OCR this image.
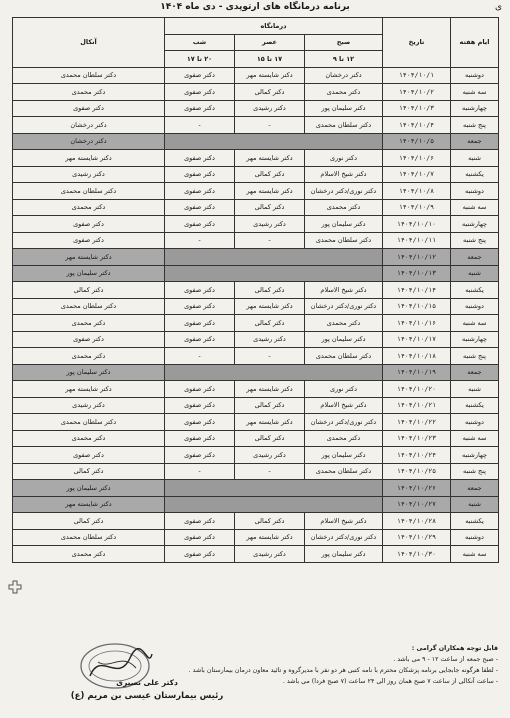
برنامه درمانگاه های ارتوپدی - دی ماه ۱۴۰۴	ی
ایام هفته	تاریخ	درمانگاه			آنکال
		صبح	عصر	شب	
		۱۲ تا ۹	۱۷ تا ۱۵	۲۰ تا ۱۷	
دوشنبه	۱۴۰۴/۱۰/۱	دکتر درخشان	دکتر شایسته مهر	دکتر صفوی	دکتر سلطان محمدی
سه شنبه	۱۴۰۴/۱۰/۲	دکتر محمدی	دکتر کمالی	دکتر صفوی	دکتر محمدی
چهارشنبه	۱۴۰۴/۱۰/۳	دکتر سلیمان پور	دکتر رشیدی	دکتر صفوی	دکتر صفوی
پنج شنبه	۱۴۰۴/۱۰/۴	دکتر سلطان محمدی	-	-	دکتر درخشان
جمعه	۱۴۰۴/۱۰/۵				دکتر درخشان
شنبه	۱۴۰۴/۱۰/۶	دکتر نوری	دکتر شایسته مهر	دکتر صفوی	دکتر شایسته مهر
یکشنبه	۱۴۰۴/۱۰/۷	دکتر شیخ الاسلام	دکتر کمالی	دکتر صفوی	دکتر رشیدی
دوشنبه	۱۴۰۴/۱۰/۸	دکتر نوری/دکتر درخشان	دکتر شایسته مهر	دکتر صفوی	دکتر سلطان محمدی
سه شنبه	۱۴۰۴/۱۰/۹	دکتر محمدی	دکتر کمالی	دکتر صفوی	دکتر محمدی
چهارشنبه	۱۴۰۴/۱۰/۱۰	دکتر سلیمان پور	دکتر رشیدی	دکتر صفوی	دکتر صفوی
پنج شنبه	۱۴۰۴/۱۰/۱۱	دکتر سلطان محمدی	-	-	دکتر صفوی
جمعه	۱۴۰۴/۱۰/۱۲				دکتر شایسته مهر
شنبه	۱۴۰۴/۱۰/۱۳				دکتر سلیمان پور
یکشنبه	۱۴۰۴/۱۰/۱۴	دکتر شیخ الاسلام	دکتر کمالی	دکتر صفوی	دکتر کمالی
دوشنبه	۱۴۰۴/۱۰/۱۵	دکتر نوری/دکتر درخشان	دکتر شایسته مهر	دکتر صفوی	دکتر سلطان محمدی
سه شنبه	۱۴۰۴/۱۰/۱۶	دکتر محمدی	دکتر کمالی	دکتر صفوی	دکتر محمدی
چهارشنبه	۱۴۰۴/۱۰/۱۷	دکتر سلیمان پور	دکتر رشیدی	دکتر صفوی	دکتر صفوی
پنج شنبه	۱۴۰۴/۱۰/۱۸	دکتر سلطان محمدی	-	-	دکتر محمدی
جمعه	۱۴۰۴/۱۰/۱۹				دکتر سلیمان پور
شنبه	۱۴۰۴/۱۰/۲۰	دکتر نوری	دکتر شایسته مهر	دکتر صفوی	دکتر شایسته مهر
یکشنبه	۱۴۰۴/۱۰/۲۱	دکتر شیخ الاسلام	دکتر کمالی	دکتر صفوی	دکتر رشیدی
دوشنبه	۱۴۰۴/۱۰/۲۲	دکتر نوری/دکتر درخشان	دکتر شایسته مهر	دکتر صفوی	دکتر سلطان محمدی
سه شنبه	۱۴۰۴/۱۰/۲۳	دکتر محمدی	دکتر کمالی	دکتر صفوی	دکتر محمدی
چهارشنبه	۱۴۰۴/۱۰/۲۴	دکتر سلیمان پور	دکتر رشیدی	دکتر صفوی	دکتر صفوی
پنج شنبه	۱۴۰۴/۱۰/۲۵	دکتر سلطان محمدی	-	-	دکتر کمالی
جمعه	۱۴۰۴/۱۰/۲۶				دکتر سلیمان پور
شنبه	۱۴۰۴/۱۰/۲۷				دکتر شایسته مهر
یکشنبه	۱۴۰۴/۱۰/۲۸	دکتر شیخ الاسلام	دکتر کمالی	دکتر صفوی	دکتر کمالی
دوشنبه	۱۴۰۴/۱۰/۲۹	دکتر نوری/دکتر درخشان	دکتر شایسته مهر	دکتر صفوی	دکتر سلطان محمدی
سه شنبه	۱۴۰۴/۱۰/۳۰	دکتر سلیمان پور	دکتر رشیدی	دکتر صفوی	دکتر محمدی
قابل توجه همکاران گرامی :
- صبح جمعه از ساعت ۱۲ - ۹ می باشد .
- لطفا هرگونه جابجایی برنامه پزشکان محترم با نامه کتبی هر دو نفر با مدیرگروه و تائید معاون درمان بیمارستان باشد .
- ساعت آنکالی از ساعت ۷ صبح همان روز الی ۲۴ ساعت (۷ صبح فردا) می باشد .
دکتر علی نصیری
رئیس بیمارستان عیسی بن مریم (ع)
